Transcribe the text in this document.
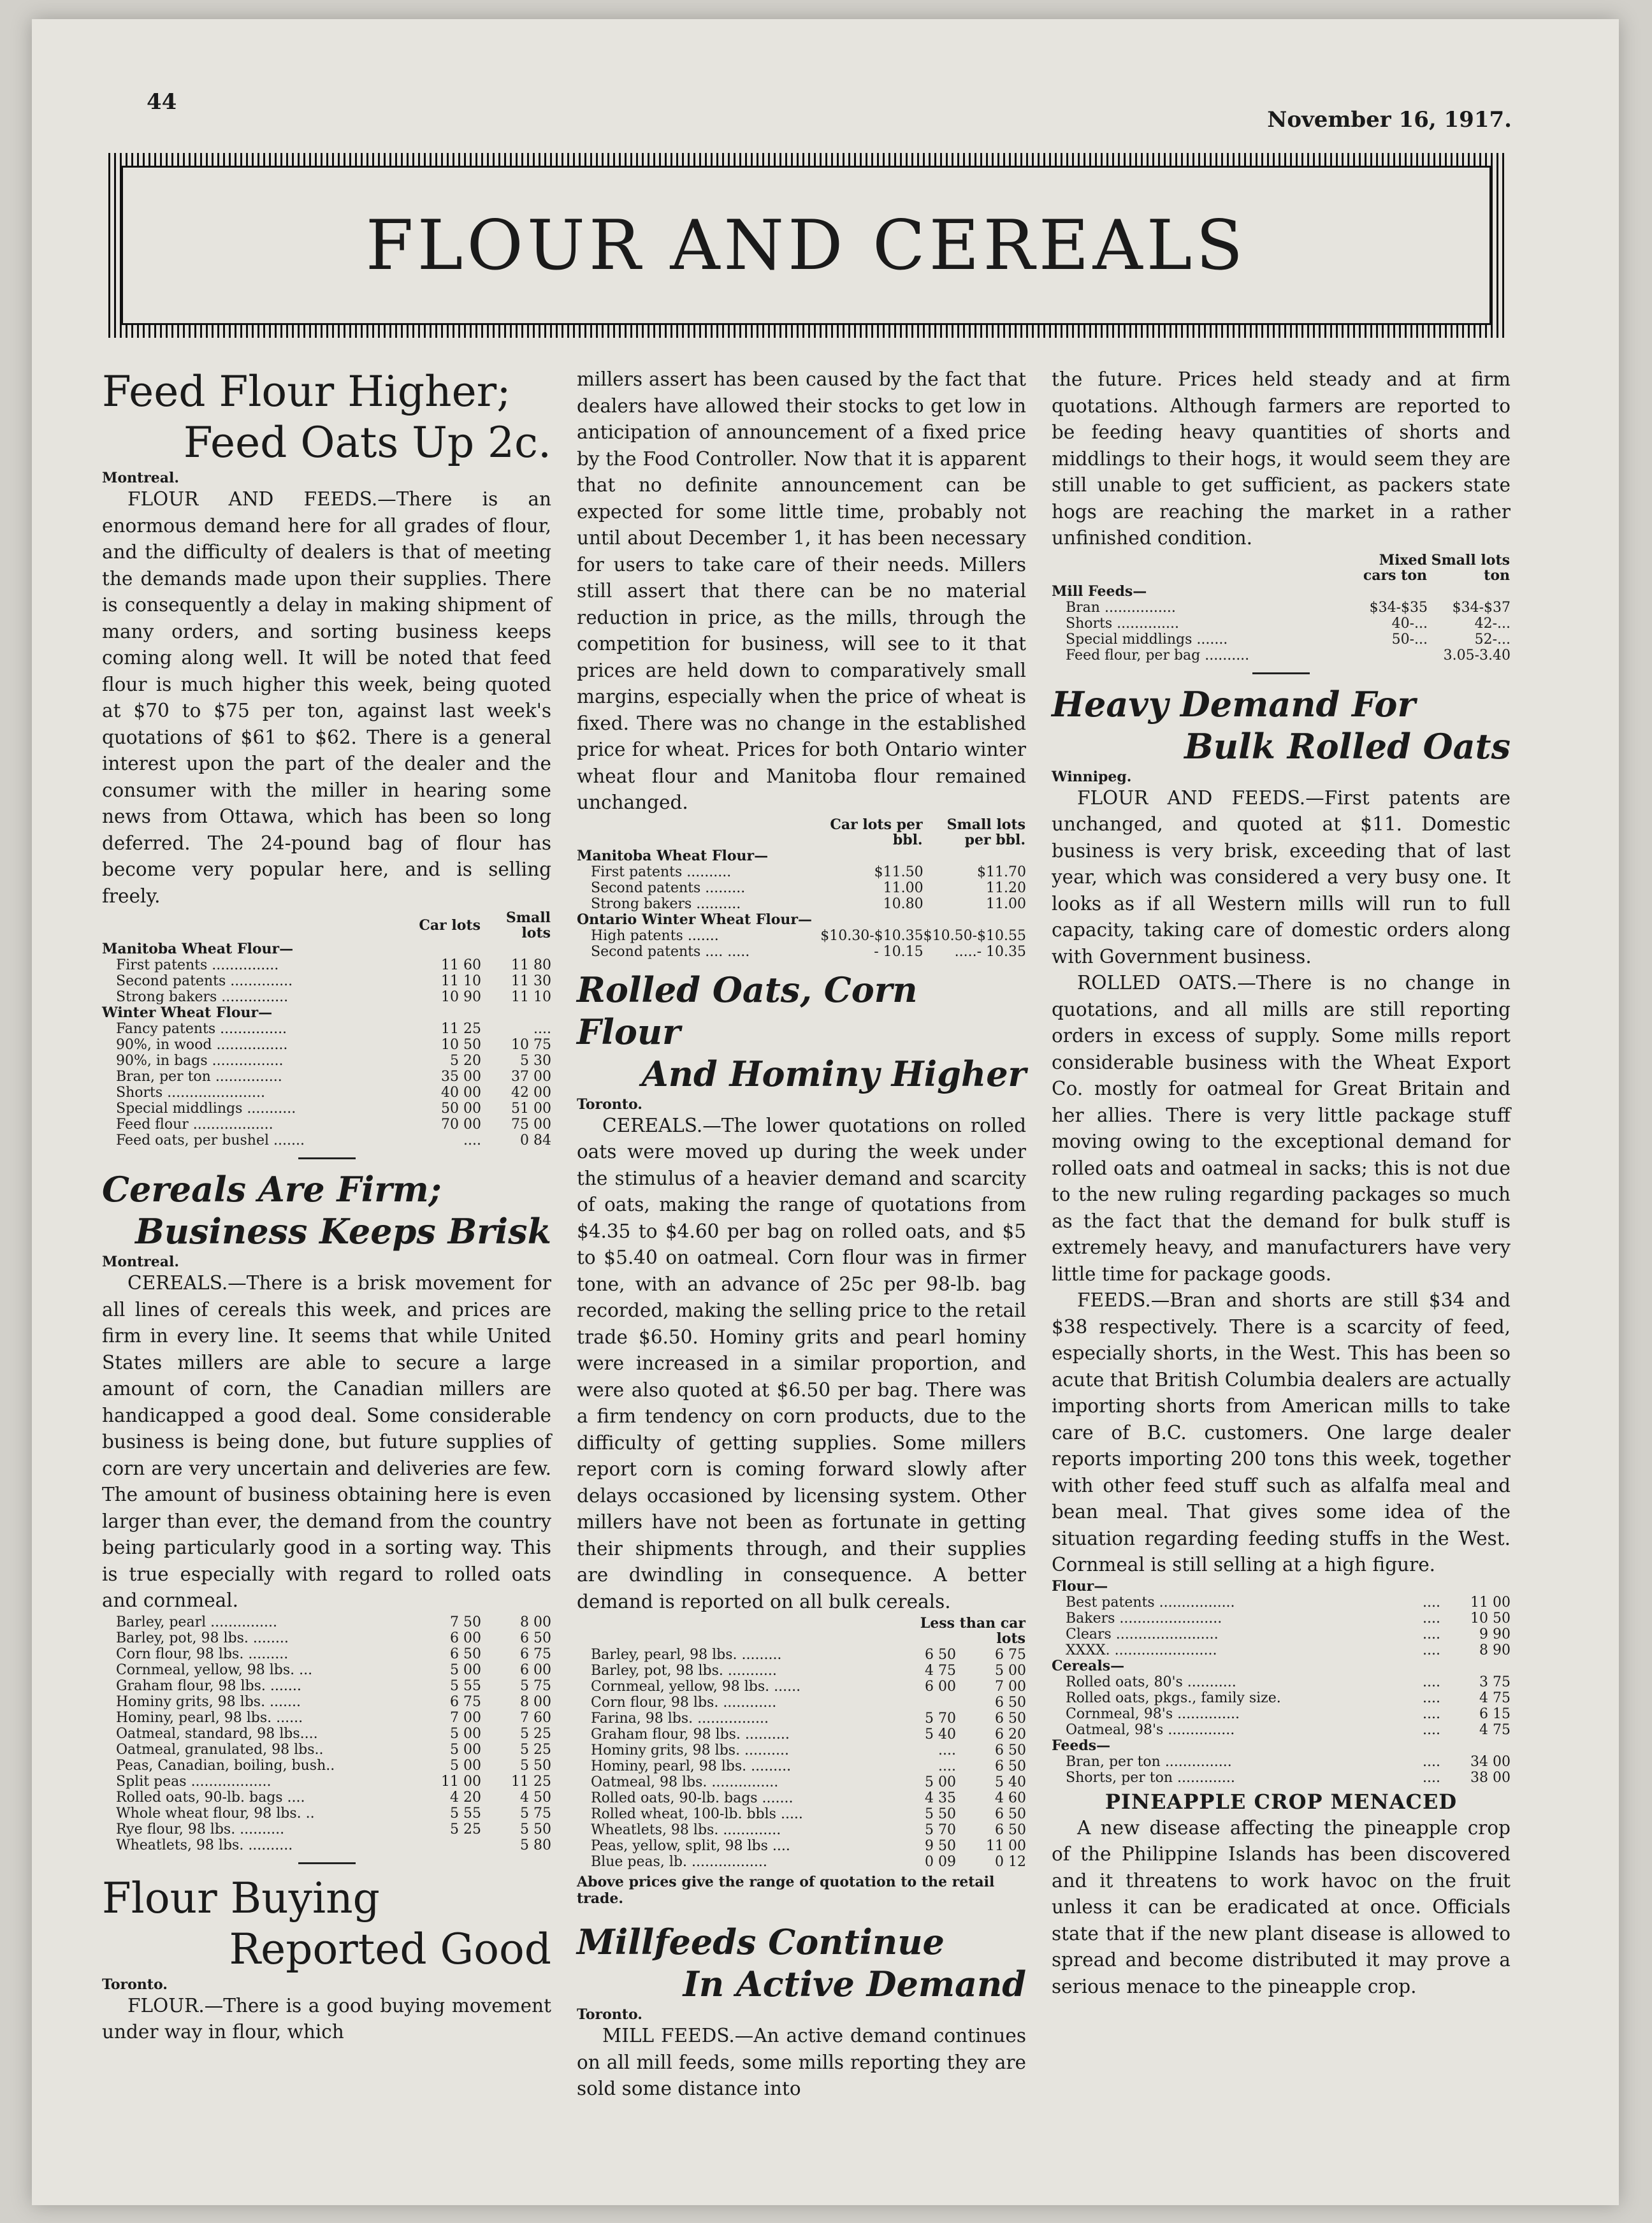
44
November 16, 1917.
FLOUR AND CEREALS
Feed Flour Higher;
Feed Oats Up 2c.
Montreal.

FLOUR AND FEEDS.—There is an enormous demand here for all grades of flour, and the difficulty of dealers is that of meeting the demands made upon their supplies. There is consequently a delay in making shipment of many orders, and sorting business keeps coming along well. It will be noted that feed flour is much higher this week, being quoted at $70 to $75 per ton, against last week's quotations of $61 to $62. There is a general interest upon the part of the dealer and the consumer with the miller in hearing some news from Ottawa, which has been so long deferred. The 24-pound bag of flour has become very popular here, and is selling freely.

	Car lots	Small lots
Manitoba Wheat Flour—		
First patents ...............	11 60	11 80
Second patents ..............	11 10	11 30
Strong bakers ...............	10 90	11 10
Winter Wheat Flour—		
Fancy patents ...............	11 25	....
90%, in wood ................	10 50	10 75
90%, in bags ................	5 20	5 30
Bran, per ton ...............	35 00	37 00
Shorts ......................	40 00	42 00
Special middlings ...........	50 00	51 00
Feed flour ..................	70 00	75 00
Feed oats, per bushel .......	....	0 84
Cereals Are Firm;
Business Keeps Brisk
Montreal.

CEREALS.—There is a brisk movement for all lines of cereals this week, and prices are firm in every line. It seems that while United States millers are able to secure a large amount of corn, the Canadian millers are handicapped a good deal. Some considerable business is being done, but future supplies of corn are very uncertain and deliveries are few. The amount of business obtaining here is even larger than ever, the demand from the country being particularly good in a sorting way. This is true especially with regard to rolled oats and cornmeal.

Barley, pearl ...............	7 50	8 00
Barley, pot, 98 lbs. ........	6 00	6 50
Corn flour, 98 lbs. .........	6 50	6 75
Cornmeal, yellow, 98 lbs. ...	5 00	6 00
Graham flour, 98 lbs. .......	5 55	5 75
Hominy grits, 98 lbs. .......	6 75	8 00
Hominy, pearl, 98 lbs. ......	7 00	7 60
Oatmeal, standard, 98 lbs....	5 00	5 25
Oatmeal, granulated, 98 lbs..	5 00	5 25
Peas, Canadian, boiling, bush..	5 00	5 50
Split peas ..................	11 00	11 25
Rolled oats, 90-lb. bags ....	4 20	4 50
Whole wheat flour, 98 lbs. ..	5 55	5 75
Rye flour, 98 lbs. ..........	5 25	5 50
Wheatlets, 98 lbs. ..........		5 80
Flour Buying
Reported Good
Toronto.

FLOUR.—There is a good buying movement under way in flour, which

millers assert has been caused by the fact that dealers have allowed their stocks to get low in anticipation of announcement of a fixed price by the Food Controller. Now that it is apparent that no definite announcement can be expected for some little time, probably not until about December 1, it has been necessary for users to take care of their needs. Millers still assert that there can be no material reduction in price, as the mills, through the competition for business, will see to it that prices are held down to comparatively small margins, especially when the price of wheat is fixed. There was no change in the established price for wheat. Prices for both Ontario winter wheat flour and Manitoba flour remained unchanged.

	Car lots per bbl.	Small lots per bbl.
Manitoba Wheat Flour—		
First patents ..........	$11.50	$11.70
Second patents .........	11.00	11.20
Strong bakers ..........	10.80	11.00
Ontario Winter Wheat Flour—		
High patents .......	$10.30-$10.35	$10.50-$10.55
Second patents .... .....	- 10.15	.....- 10.35
Rolled Oats, Corn Flour
And Hominy Higher
Toronto.

CEREALS.—The lower quotations on rolled oats were moved up during the week under the stimulus of a heavier demand and scarcity of oats, making the range of quotations from $4.35 to $4.60 per bag on rolled oats, and $5 to $5.40 on oatmeal. Corn flour was in firmer tone, with an advance of 25c per 98-lb. bag recorded, making the selling price to the retail trade $6.50. Hominy grits and pearl hominy were increased in a similar proportion, and were also quoted at $6.50 per bag. There was a firm tendency on corn products, due to the difficulty of getting supplies. Some millers report corn is coming forward slowly after delays occasioned by licensing system. Other millers have not been as fortunate in getting their shipments through, and their supplies are dwindling in consequence. A better demand is reported on all bulk cereals.

	Less than car lots	
Barley, pearl, 98 lbs. .........	6 50	6 75
Barley, pot, 98 lbs. ...........	4 75	5 00
Cornmeal, yellow, 98 lbs. ......	6 00	7 00
Corn flour, 98 lbs. ............		6 50
Farina, 98 lbs. ................	5 70	6 50
Graham flour, 98 lbs. ..........	5 40	6 20
Hominy grits, 98 lbs. ..........	....	6 50
Hominy, pearl, 98 lbs. .........	....	6 50
Oatmeal, 98 lbs. ...............	5 00	5 40
Rolled oats, 90-lb. bags .......	4 35	4 60
Rolled wheat, 100-lb. bbls .....	5 50	6 50
Wheatlets, 98 lbs. .............	5 70	6 50
Peas, yellow, split, 98 lbs ....	9 50	11 00
Blue peas, lb. .................	0 09	0 12

Above prices give the range of quotation to the retail trade.

Millfeeds Continue
In Active Demand
Toronto.

MILL FEEDS.—An active demand continues on all mill feeds, some mills reporting they are sold some distance into

the future. Prices held steady and at firm quotations. Although farmers are reported to be feeding heavy quantities of shorts and middlings to their hogs, it would seem they are still unable to get sufficient, as packers state hogs are reaching the market in a rather unfinished condition.

	Mixed cars ton	Small lots ton
Mill Feeds—		
Bran ................	$34-$35	$34-$37
Shorts ..............	40-...	42-...
Special middlings .......	50-...	52-...
Feed flour, per bag ..........		3.05-3.40
Heavy Demand For
Bulk Rolled Oats
Winnipeg.

FLOUR AND FEEDS.—First patents are unchanged, and quoted at $11. Domestic business is very brisk, exceeding that of last year, which was considered a very busy one. It looks as if all Western mills will run to full capacity, taking care of domestic orders along with Government business.

ROLLED OATS.—There is no change in quotations, and all mills are still reporting orders in excess of supply. Some mills report considerable business with the Wheat Export Co. mostly for oatmeal for Great Britain and her allies. There is very little package stuff moving owing to the exceptional demand for rolled oats and oatmeal in sacks; this is not due to the new ruling regarding packages so much as the fact that the demand for bulk stuff is extremely heavy, and manufacturers have very little time for package goods.

FEEDS.—Bran and shorts are still $34 and $38 respectively. There is a scarcity of feed, especially shorts, in the West. This has been so acute that British Columbia dealers are actually importing shorts from American mills to take care of B.C. customers. One large dealer reports importing 200 tons this week, together with other feed stuff such as alfalfa meal and bean meal. That gives some idea of the situation regarding feeding stuffs in the West. Cornmeal is still selling at a high figure.

Flour—		
Best patents .................	....	11 00
Bakers .......................	....	10 50
Clears .......................	....	9 90
XXXX. .......................	....	8 90
Cereals—		
Rolled oats, 80's ...........	....	3 75
Rolled oats, pkgs., family size.	....	4 75
Cornmeal, 98's ..............	....	6 15
Oatmeal, 98's ...............	....	4 75
Feeds—		
Bran, per ton ...............	....	34 00
Shorts, per ton .............	....	38 00
PINEAPPLE CROP MENACED

A new disease affecting the pineapple crop of the Philippine Islands has been discovered and it threatens to work havoc on the fruit unless it can be eradicated at once. Officials state that if the new plant disease is allowed to spread and become distributed it may prove a serious menace to the pineapple crop.
